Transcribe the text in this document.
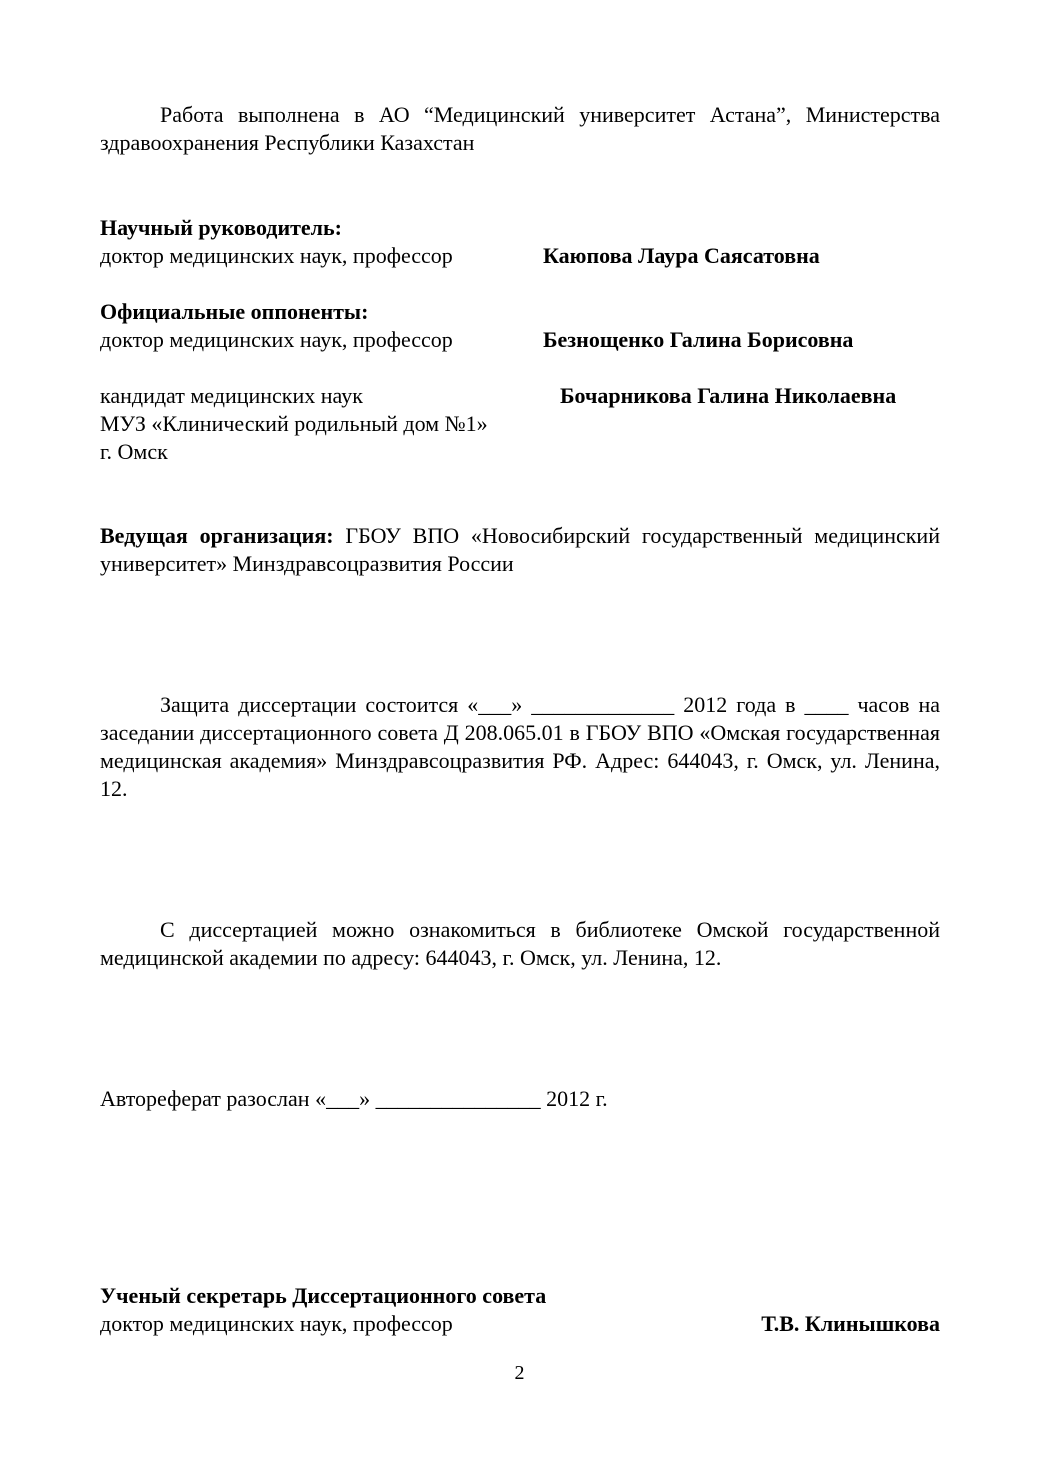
Работа выполнена в АО “Медицинский университет Астана”, Министерства здравоохранения Республики Казахстан
Научный руководитель:
доктор медицинских наук, профессор	Каюпова Лаура Саясатовна
Официальные оппоненты:
доктор медицинских наук, профессор	Безнощенко Галина Борисовна
кандидат медицинских наук	Бочарникова Галина Николаевна
МУЗ «Клинический родильный дом №1»
г. Омск
Ведущая организация: ГБОУ ВПО «Новосибирский государственный медицинский университет» Минздравсоцразвития России
Защита диссертации состоится «___» _____________ 2012 года в ____ часов на заседании диссертационного совета Д 208.065.01 в ГБОУ ВПО «Омская государственная медицинская академия» Минздравсоцразвития РФ. Адрес: 644043, г. Омск, ул. Ленина, 12.
С диссертацией можно ознакомиться в библиотеке Омской государственной медицинской академии по адресу: 644043, г. Омск, ул. Ленина, 12.
Автореферат разослан «___» _______________ 2012 г.
Ученый секретарь Диссертационного совета
доктор медицинских наук, профессор	Т.В. Клинышкова
2
